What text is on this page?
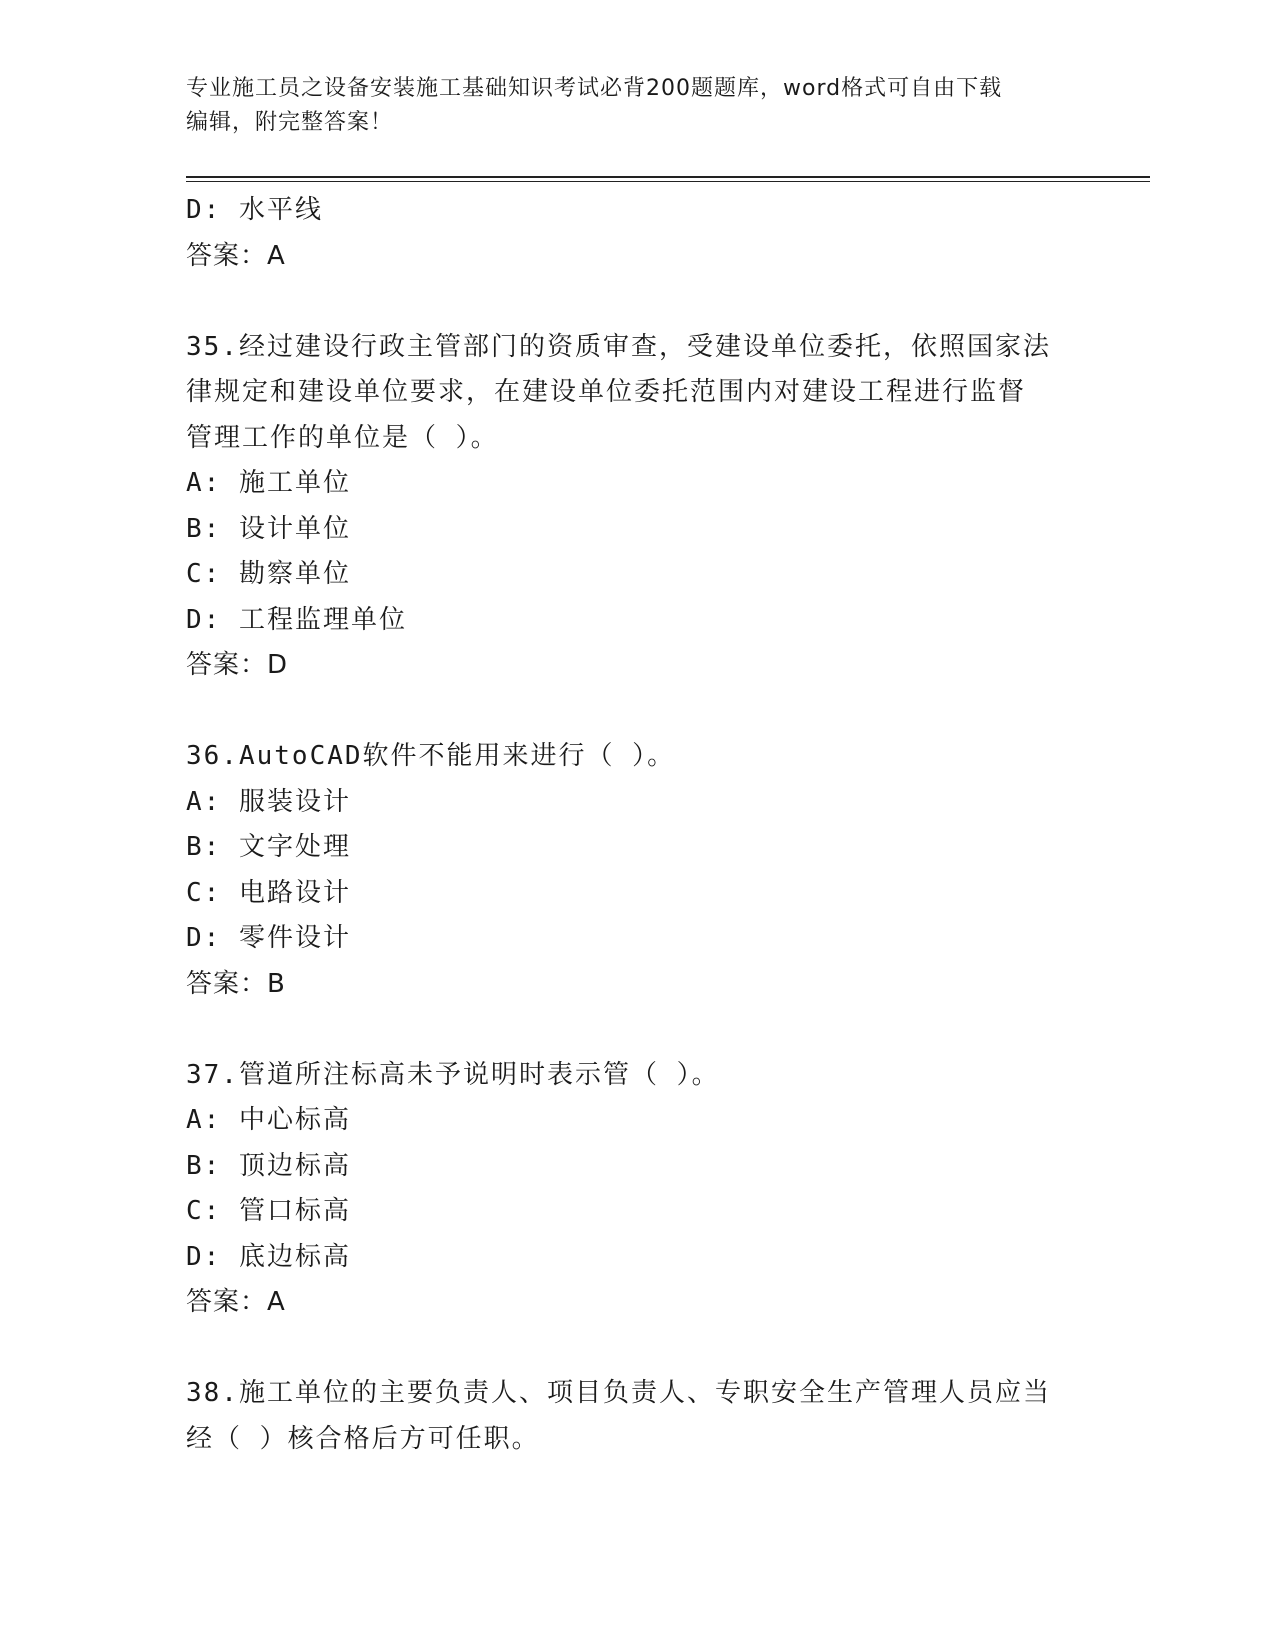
专业施工员之设备安装施工基础知识考试必背200题题库，word格式可自由下载
编辑，附完整答案！
D: 水平线
答案：A
35.经过建设行政主管部门的资质审查，受建设单位委托，依照国家法
律规定和建设单位要求，在建设单位委托范围内对建设工程进行监督
管理工作的单位是（ ）。
A: 施工单位
B: 设计单位
C: 勘察单位
D: 工程监理单位
答案：D
36.AutoCAD软件不能用来进行（ ）。
A: 服装设计
B: 文字处理
C: 电路设计
D: 零件设计
答案：B
37.管道所注标高未予说明时表示管（ ）。
A: 中心标高
B: 顶边标高
C: 管口标高
D: 底边标高
答案：A
38.施工单位的主要负责人、项目负责人、专职安全生产管理人员应当
经（ ）核合格后方可任职。
